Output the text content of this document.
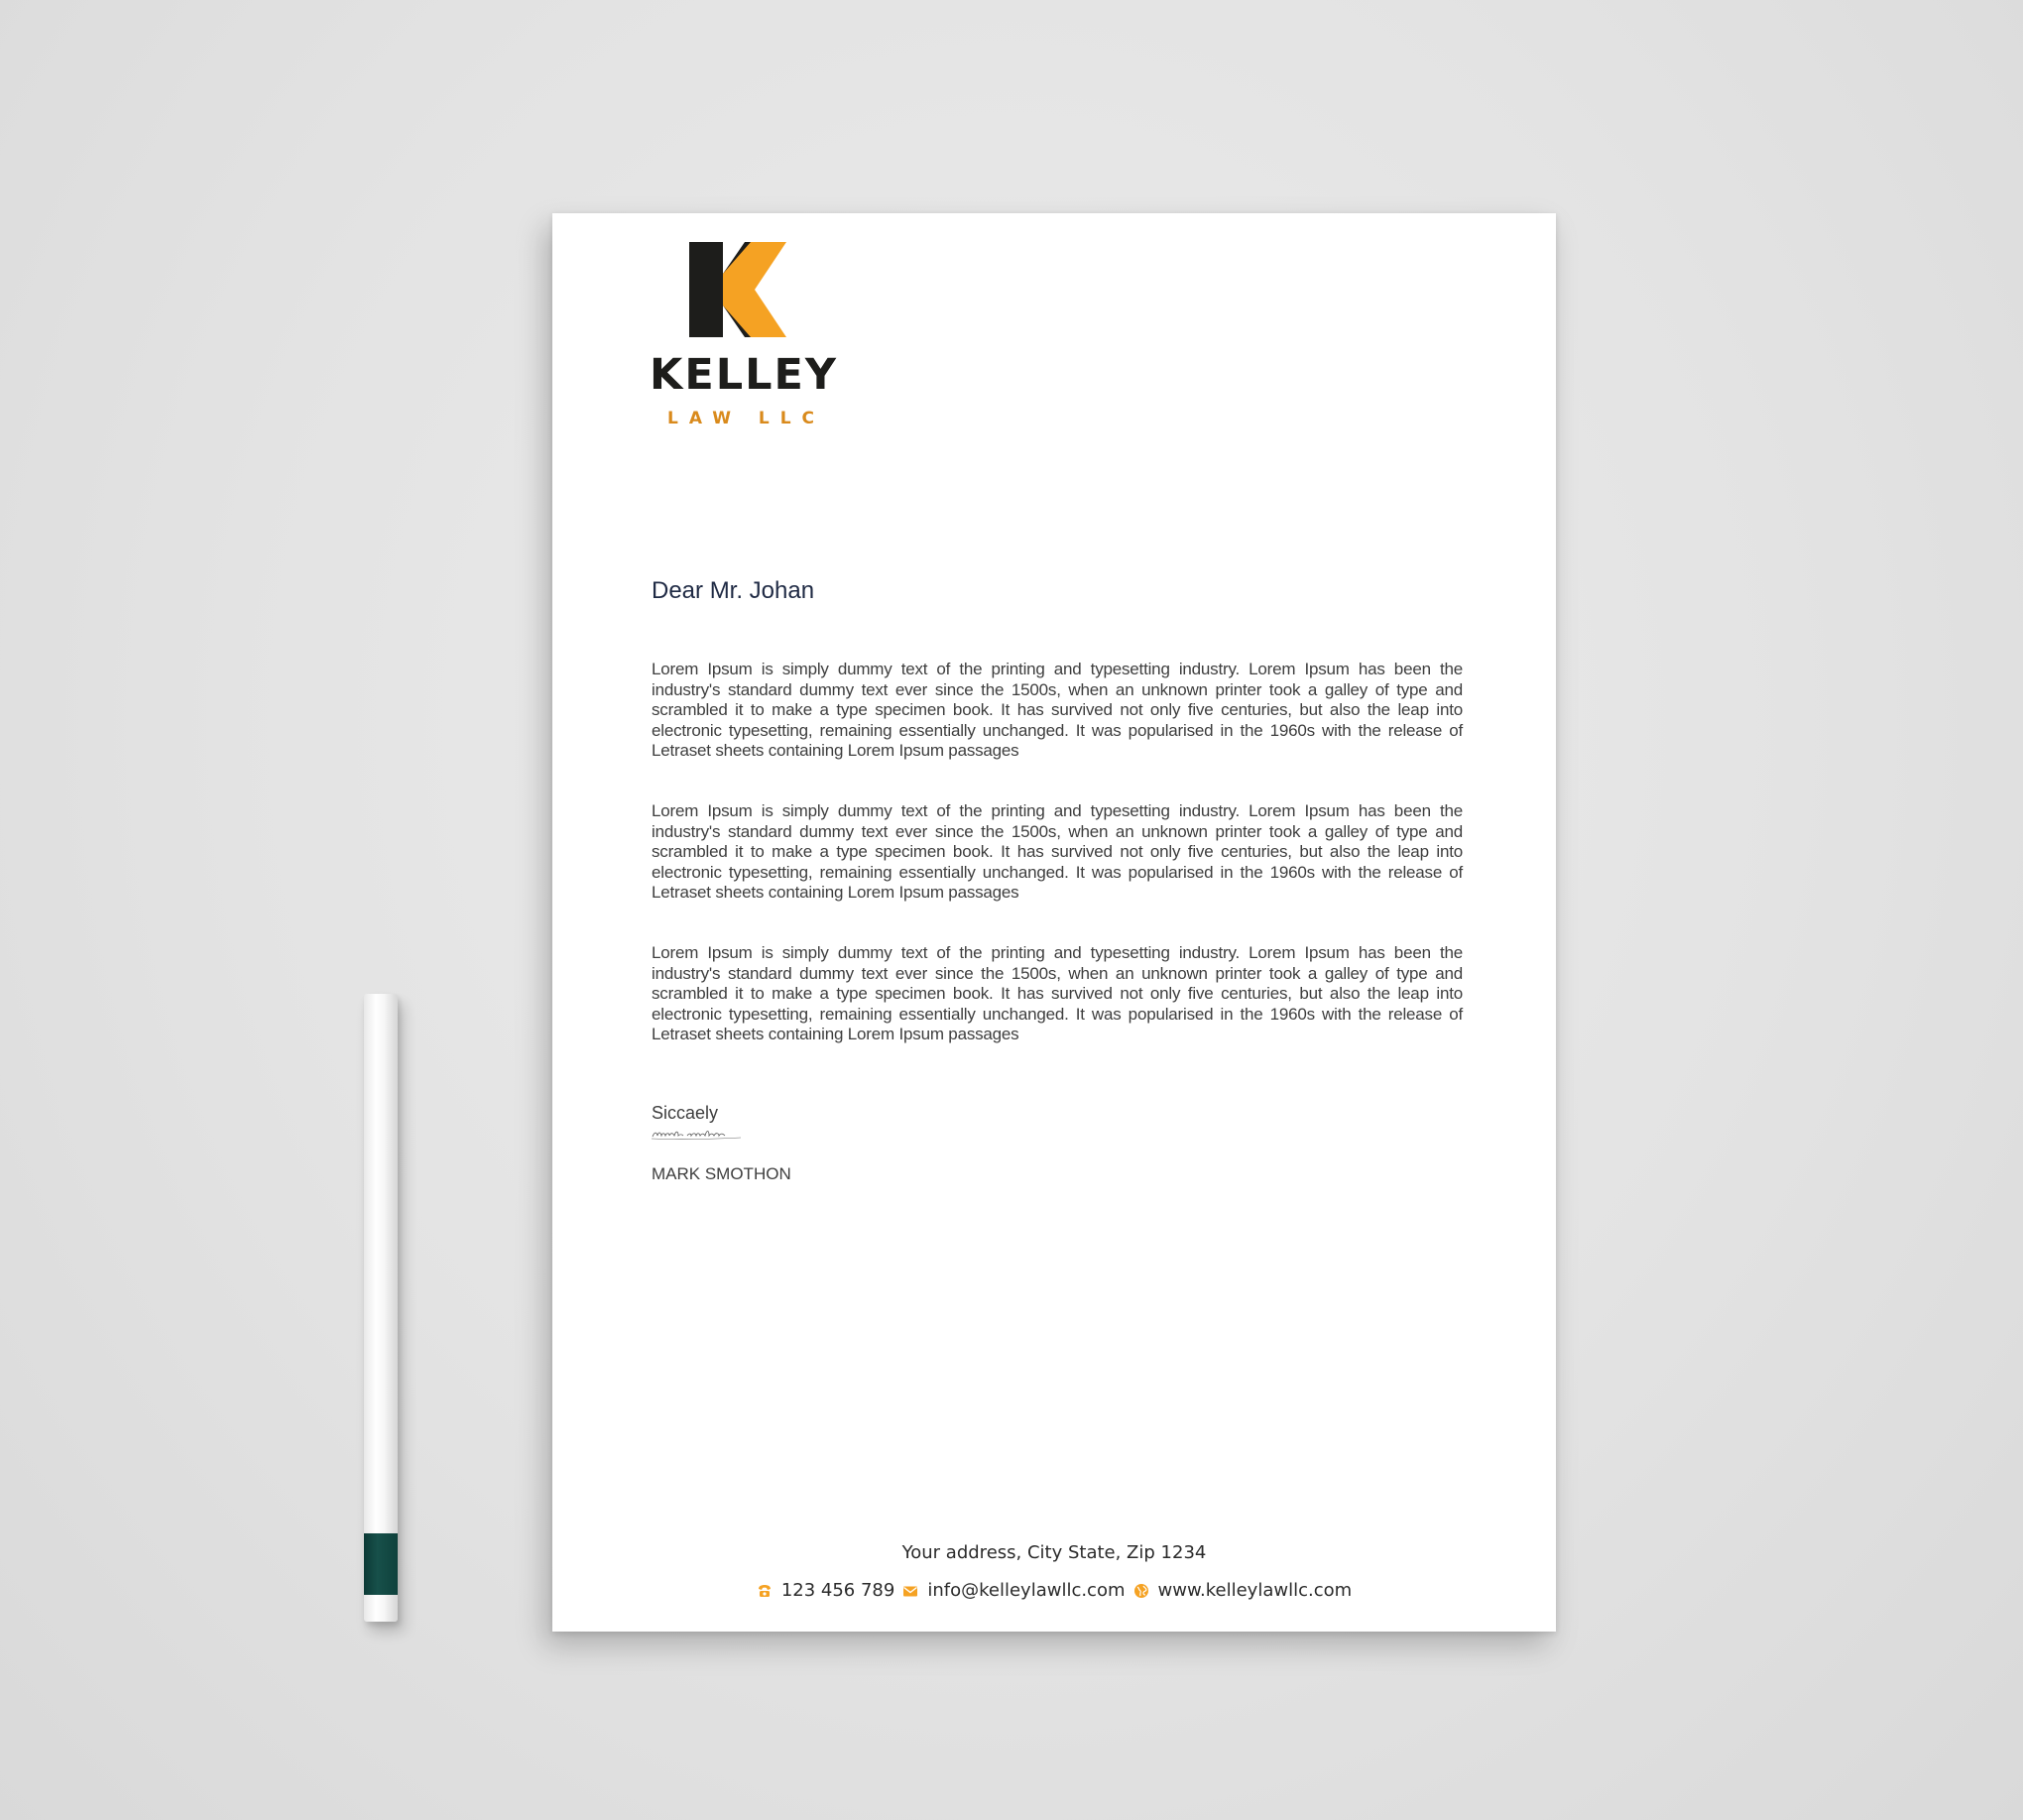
KELLEY
LAW LLC
Dear Mr. Johan
Lorem Ipsum is simply dummy text of the printing and typesetting industry. Lorem Ipsum has been the industry's standard dummy text ever since the 1500s, when an unknown printer took a galley of type and scrambled it to make a type specimen book. It has survived not only five centuries, but also the leap into electronic typesetting, remaining essentially unchanged. It was popularised in the 1960s with the release of Letraset sheets containing Lorem Ipsum passages
Lorem Ipsum is simply dummy text of the printing and typesetting industry. Lorem Ipsum has been the industry's standard dummy text ever since the 1500s, when an unknown printer took a galley of type and scrambled it to make a type specimen book. It has survived not only five centuries, but also the leap into electronic typesetting, remaining essentially unchanged. It was popularised in the 1960s with the release of Letraset sheets containing Lorem Ipsum passages
Lorem Ipsum is simply dummy text of the printing and typesetting industry. Lorem Ipsum has been the industry's standard dummy text ever since the 1500s, when an unknown printer took a galley of type and scrambled it to make a type specimen book. It has survived not only five centuries, but also the leap into electronic typesetting, remaining essentially unchanged. It was popularised in the 1960s with the release of Letraset sheets containing Lorem Ipsum passages
Siccaely
MARK SMOTHON
Your address, City State, Zip 1234
123 456 789 info@kelleylawllc.com www.kelleylawllc.com
